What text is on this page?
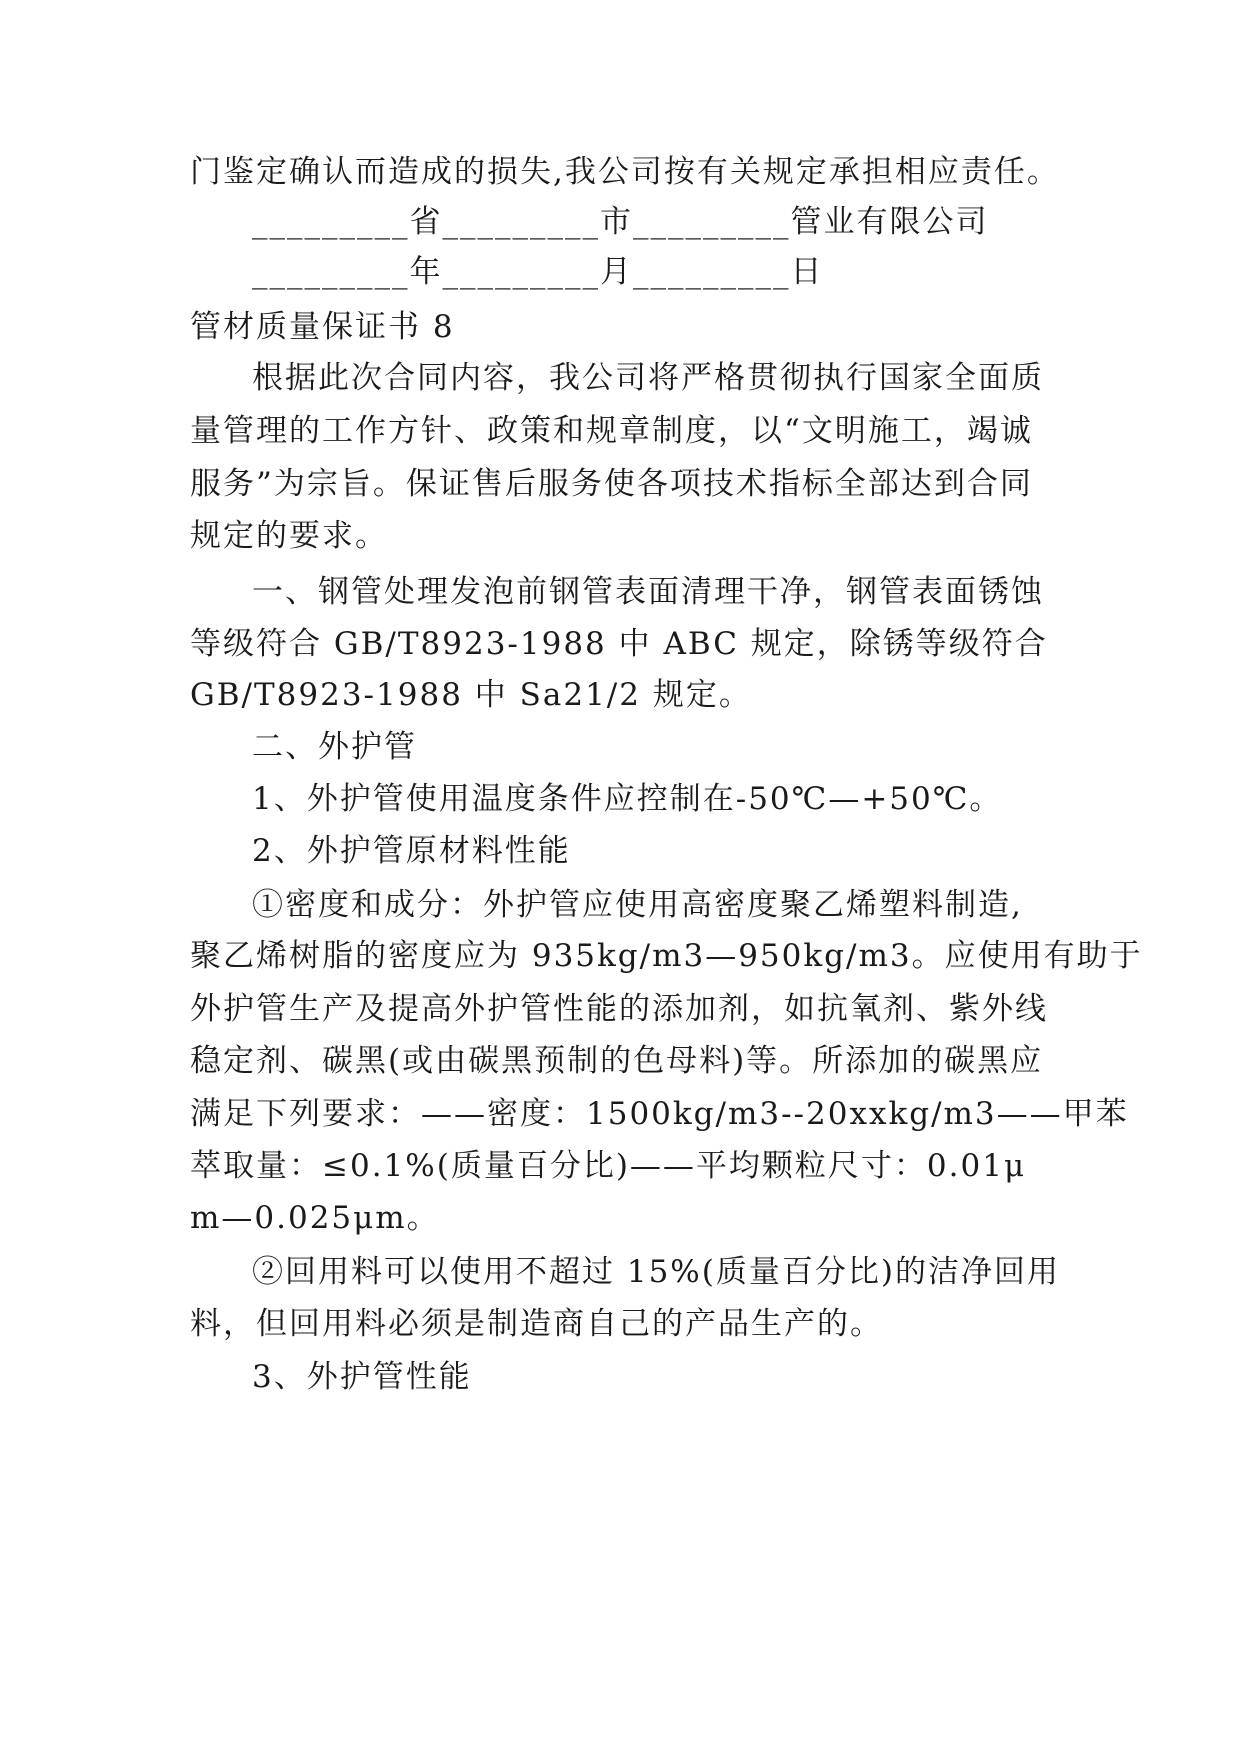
门鉴定确认而造成的损失,我公司按有关规定承担相应责任。
_________省_________市_________管业有限公司
_________年_________月_________日
管材质量保证书 8
根据此次合同内容，我公司将严格贯彻执行国家全面质
量管理的工作方针、政策和规章制度，以“文明施工，竭诚
服务”为宗旨。保证售后服务使各项技术指标全部达到合同
规定的要求。
一、钢管处理发泡前钢管表面清理干净，钢管表面锈蚀
等级符合 GB/T8923-1988 中 ABC 规定，除锈等级符合
GB/T8923-1988 中 Sa21/2 规定。
二、外护管
1、外护管使用温度条件应控制在-50℃—+50℃。
2、外护管原材料性能
①密度和成分：外护管应使用高密度聚乙烯塑料制造,
聚乙烯树脂的密度应为 935kg/m3—950kg/m3。应使用有助于
外护管生产及提高外护管性能的添加剂，如抗氧剂、紫外线
稳定剂、碳黑(或由碳黑预制的色母料)等。所添加的碳黑应
满足下列要求：——密度：1500kg/m3--20xxkg/m3——甲苯
萃取量：≤0.1%(质量百分比)——平均颗粒尺寸：0.01μ
m—0.025μm。
②回用料可以使用不超过 15%(质量百分比)的洁净回用
料，但回用料必须是制造商自己的产品生产的。
3、外护管性能
